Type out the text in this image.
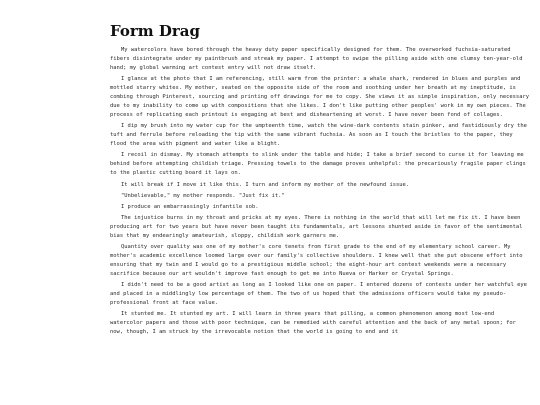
Form Drag

My watercolors have bored through the heavy duty paper specifically designed for them. The overworked fuchsia-saturated fibers disintegrate under my paintbrush and streak my paper. I attempt to swipe the pilling aside with one clumsy ten-year-old hand; my global warming art contest entry will not draw itself.

I glance at the photo that I am referencing, still warm from the printer: a whale shark, rendered in blues and purples and mottled starry whites. My mother, seated on the opposite side of the room and soothing under her breath at my ineptitude, is combing through Pinterest, sourcing and printing off drawings for me to copy. She views it as simple inspiration, only necessary due to my inability to come up with compositions that she likes. I don't like putting other peoples' work in my own pieces. The process of replicating each printout is engaging at best and disheartening at worst. I have never been fond of collages.

I dip my brush into my water cup for the umpteenth time, watch the wine-dark contents stain pinker, and fastidiously dry the tuft and ferrule before reloading the tip with the same vibrant fuchsia. As soon as I touch the bristles to the paper, they flood the area with pigment and water like a blight.

I recoil in dismay. My stomach attempts to slink under the table and hide; I take a brief second to curse it for leaving me behind before attempting childish triage. Pressing towels to the damage proves unhelpful: the precariously fragile paper clings to the plastic cutting board it lays on.

It will break if I move it like this. I turn and inform my mother of the newfound issue.

"Unbelievable," my mother responds. "Just fix it."

I produce an embarrassingly infantile sob.

The injustice burns in my throat and pricks at my eyes. There is nothing in the world that will let me fix it. I have been producing art for two years but have never been taught its fundamentals, art lessons shunted aside in favor of the sentimental bias that my endearingly amateurish, sloppy, childish work garners me.

Quantity over quality was one of my mother's core tenets from first grade to the end of my elementary school career. My mother's academic excellence loomed large over our family's collective shoulders. I knew well that she put obscene effort into ensuring that my twin and I would go to a prestigious middle school; the eight-hour art contest weekends were a necessary sacrifice because our art wouldn't improve fast enough to get me into Nueva or Harker or Crystal Springs.

I didn't need to be a good artist as long as I looked like one on paper. I entered dozens of contests under her watchful eye and placed in a middlingly low percentage of them. The two of us hoped that the admissions officers would take my pseudo-professional front at face value.

It stunted me. It stunted my art. I will learn in three years that pilling, a common phenomenon among most low-end watercolor papers and those with poor technique, can be remedied with careful attention and the back of any metal spoon; for now, though, I am struck by the irrevocable notion that the world is going to end and it
